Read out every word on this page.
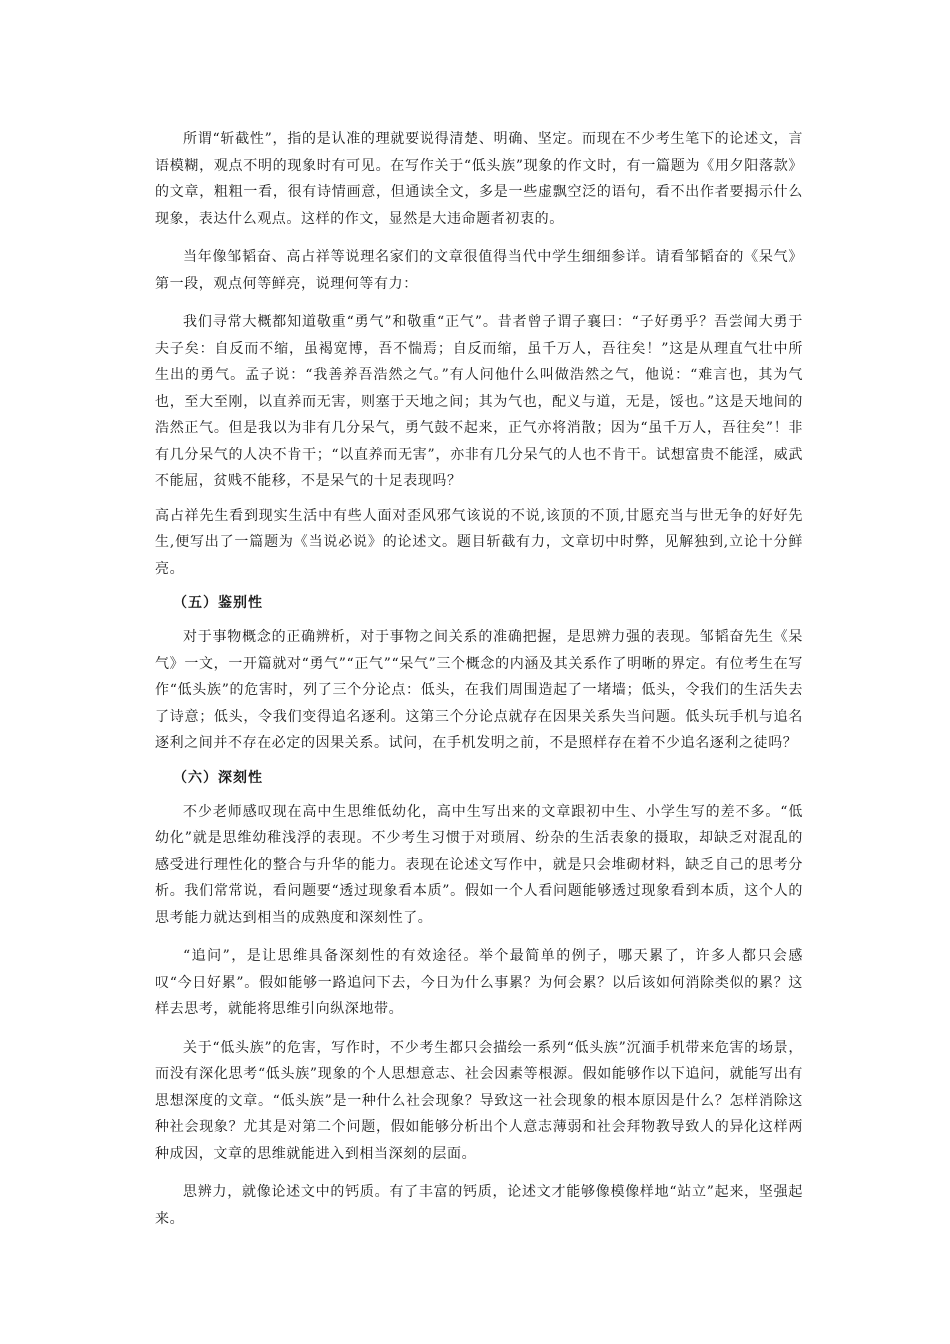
所谓“斩截性”，指的是认准的理就要说得清楚、明确、坚定。而现在不少考生笔下的论述文，言语模糊，观点不明的现象时有可见。在写作关于“低头族”现象的作文时，有一篇题为《用夕阳落款》的文章，粗粗一看，很有诗情画意，但通读全文，多是一些虚飘空泛的语句，看不出作者要揭示什么现象，表达什么观点。这样的作文，显然是大违命题者初衷的。

当年像邹韬奋、高占祥等说理名家们的文章很值得当代中学生细细参详。请看邹韬奋的《呆气》第一段，观点何等鲜亮，说理何等有力：

我们寻常大概都知道敬重“勇气”和敬重“正气”。昔者曾子谓子襄曰：“子好勇乎？吾尝闻大勇于夫子矣：自反而不缩，虽褐宽博，吾不惴焉；自反而缩，虽千万人，吾往矣！”这是从理直气壮中所生出的勇气。孟子说：“我善养吾浩然之气。”有人问他什么叫做浩然之气，他说：“难言也，其为气也，至大至刚，以直养而无害，则塞于天地之间；其为气也，配义与道，无是，馁也。”这是天地间的浩然正气。但是我以为非有几分呆气，勇气鼓不起来，正气亦将消散；因为“虽千万人，吾往矣”！非有几分呆气的人决不肯干；“以直养而无害”，亦非有几分呆气的人也不肯干。试想富贵不能淫，威武不能屈，贫贱不能移，不是呆气的十足表现吗？

高占祥先生看到现实生活中有些人面对歪风邪气该说的不说,该顶的不顶,甘愿充当与世无争的好好先生,便写出了一篇题为《当说必说》的论述文。题目斩截有力，文章切中时弊，见解独到,立论十分鲜亮。

（五）鉴别性

对于事物概念的正确辨析，对于事物之间关系的准确把握，是思辨力强的表现。邹韬奋先生《呆气》一文，一开篇就对“勇气”“正气”“呆气”三个概念的内涵及其关系作了明晰的界定。有位考生在写作“低头族”的危害时，列了三个分论点：低头，在我们周围造起了一堵墙；低头，令我们的生活失去了诗意；低头，令我们变得追名逐利。这第三个分论点就存在因果关系失当问题。低头玩手机与追名逐利之间并不存在必定的因果关系。试问，在手机发明之前，不是照样存在着不少追名逐利之徒吗？

（六）深刻性

不少老师感叹现在高中生思维低幼化，高中生写出来的文章跟初中生、小学生写的差不多。“低幼化”就是思维幼稚浅浮的表现。不少考生习惯于对琐屑、纷杂的生活表象的摄取，却缺乏对混乱的感受进行理性化的整合与升华的能力。表现在论述文写作中，就是只会堆砌材料，缺乏自己的思考分析。我们常常说，看问题要“透过现象看本质”。假如一个人看问题能够透过现象看到本质，这个人的思考能力就达到相当的成熟度和深刻性了。

“追问”，是让思维具备深刻性的有效途径。举个最简单的例子，哪天累了，许多人都只会感叹“今日好累”。假如能够一路追问下去，今日为什么事累？为何会累？以后该如何消除类似的累？这样去思考，就能将思维引向纵深地带。

关于“低头族”的危害，写作时，不少考生都只会描绘一系列“低头族”沉湎手机带来危害的场景，而没有深化思考“低头族”现象的个人思想意志、社会因素等根源。假如能够作以下追问，就能写出有思想深度的文章。“低头族”是一种什么社会现象？导致这一社会现象的根本原因是什么？怎样消除这种社会现象？尤其是对第二个问题，假如能够分析出个人意志薄弱和社会拜物教导致人的异化这样两种成因，文章的思维就能进入到相当深刻的层面。

思辨力，就像论述文中的钙质。有了丰富的钙质，论述文才能够像模像样地“站立”起来，坚强起来。
